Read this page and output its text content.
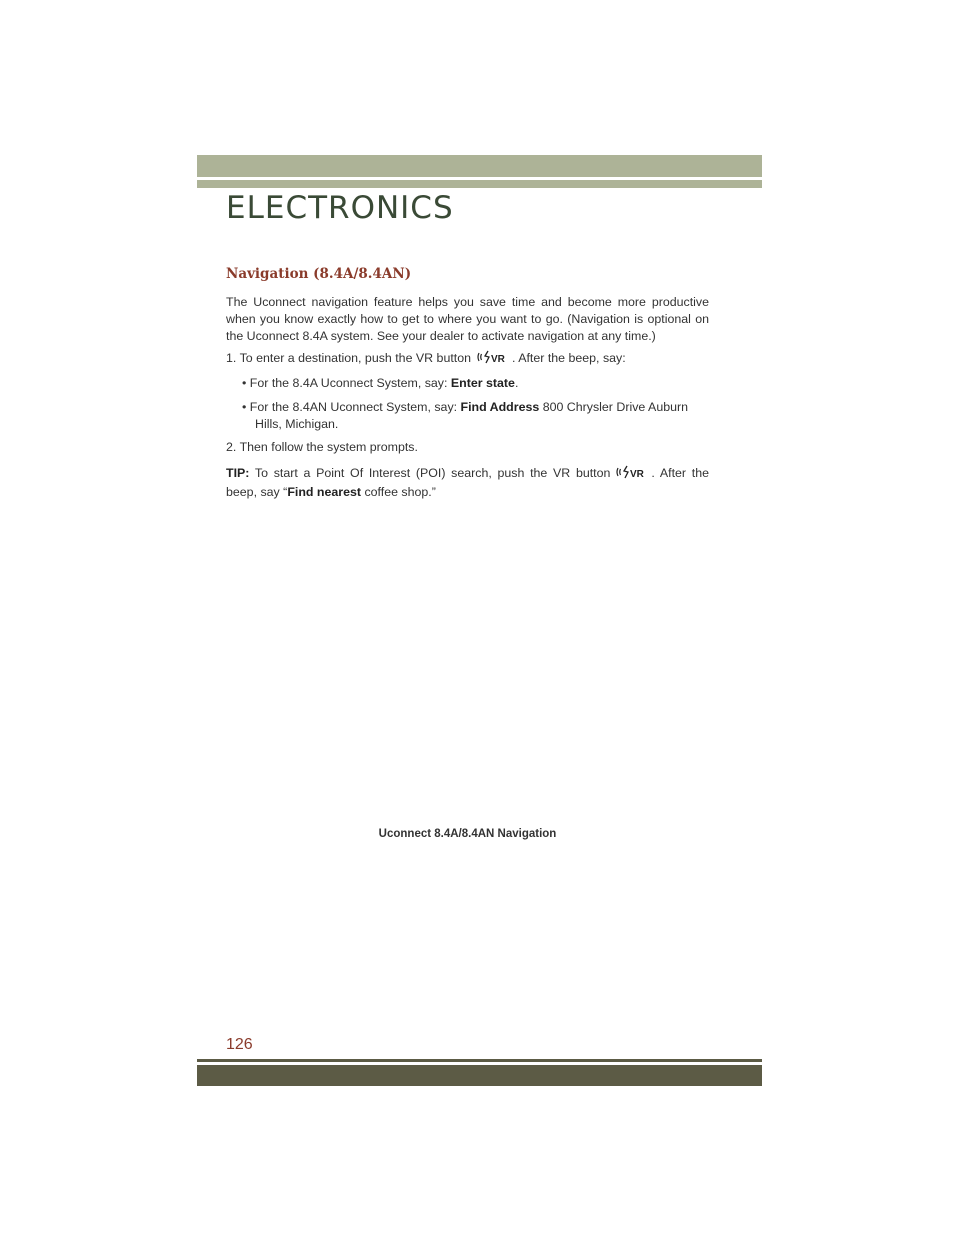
ELECTRONICS
Navigation (8.4A/8.4AN)
The Uconnect navigation feature helps you save time and become more productive when you know exactly how to get to where you want to go. (Navigation is optional on the Uconnect 8.4A system. See your dealer to activate navigation at any time.)
1. To enter a destination, push the VR button VR . After the beep, say:
• For the 8.4A Uconnect System, say: Enter state.
• For the 8.4AN Uconnect System, say: Find Address 800 Chrysler Drive Auburn Hills, Michigan.
2. Then follow the system prompts.
TIP: To start a Point Of Interest (POI) search, push the VR button VR . After the beep, say “Find nearest coffee shop.”
Uconnect 8.4A/8.4AN Navigation
126
